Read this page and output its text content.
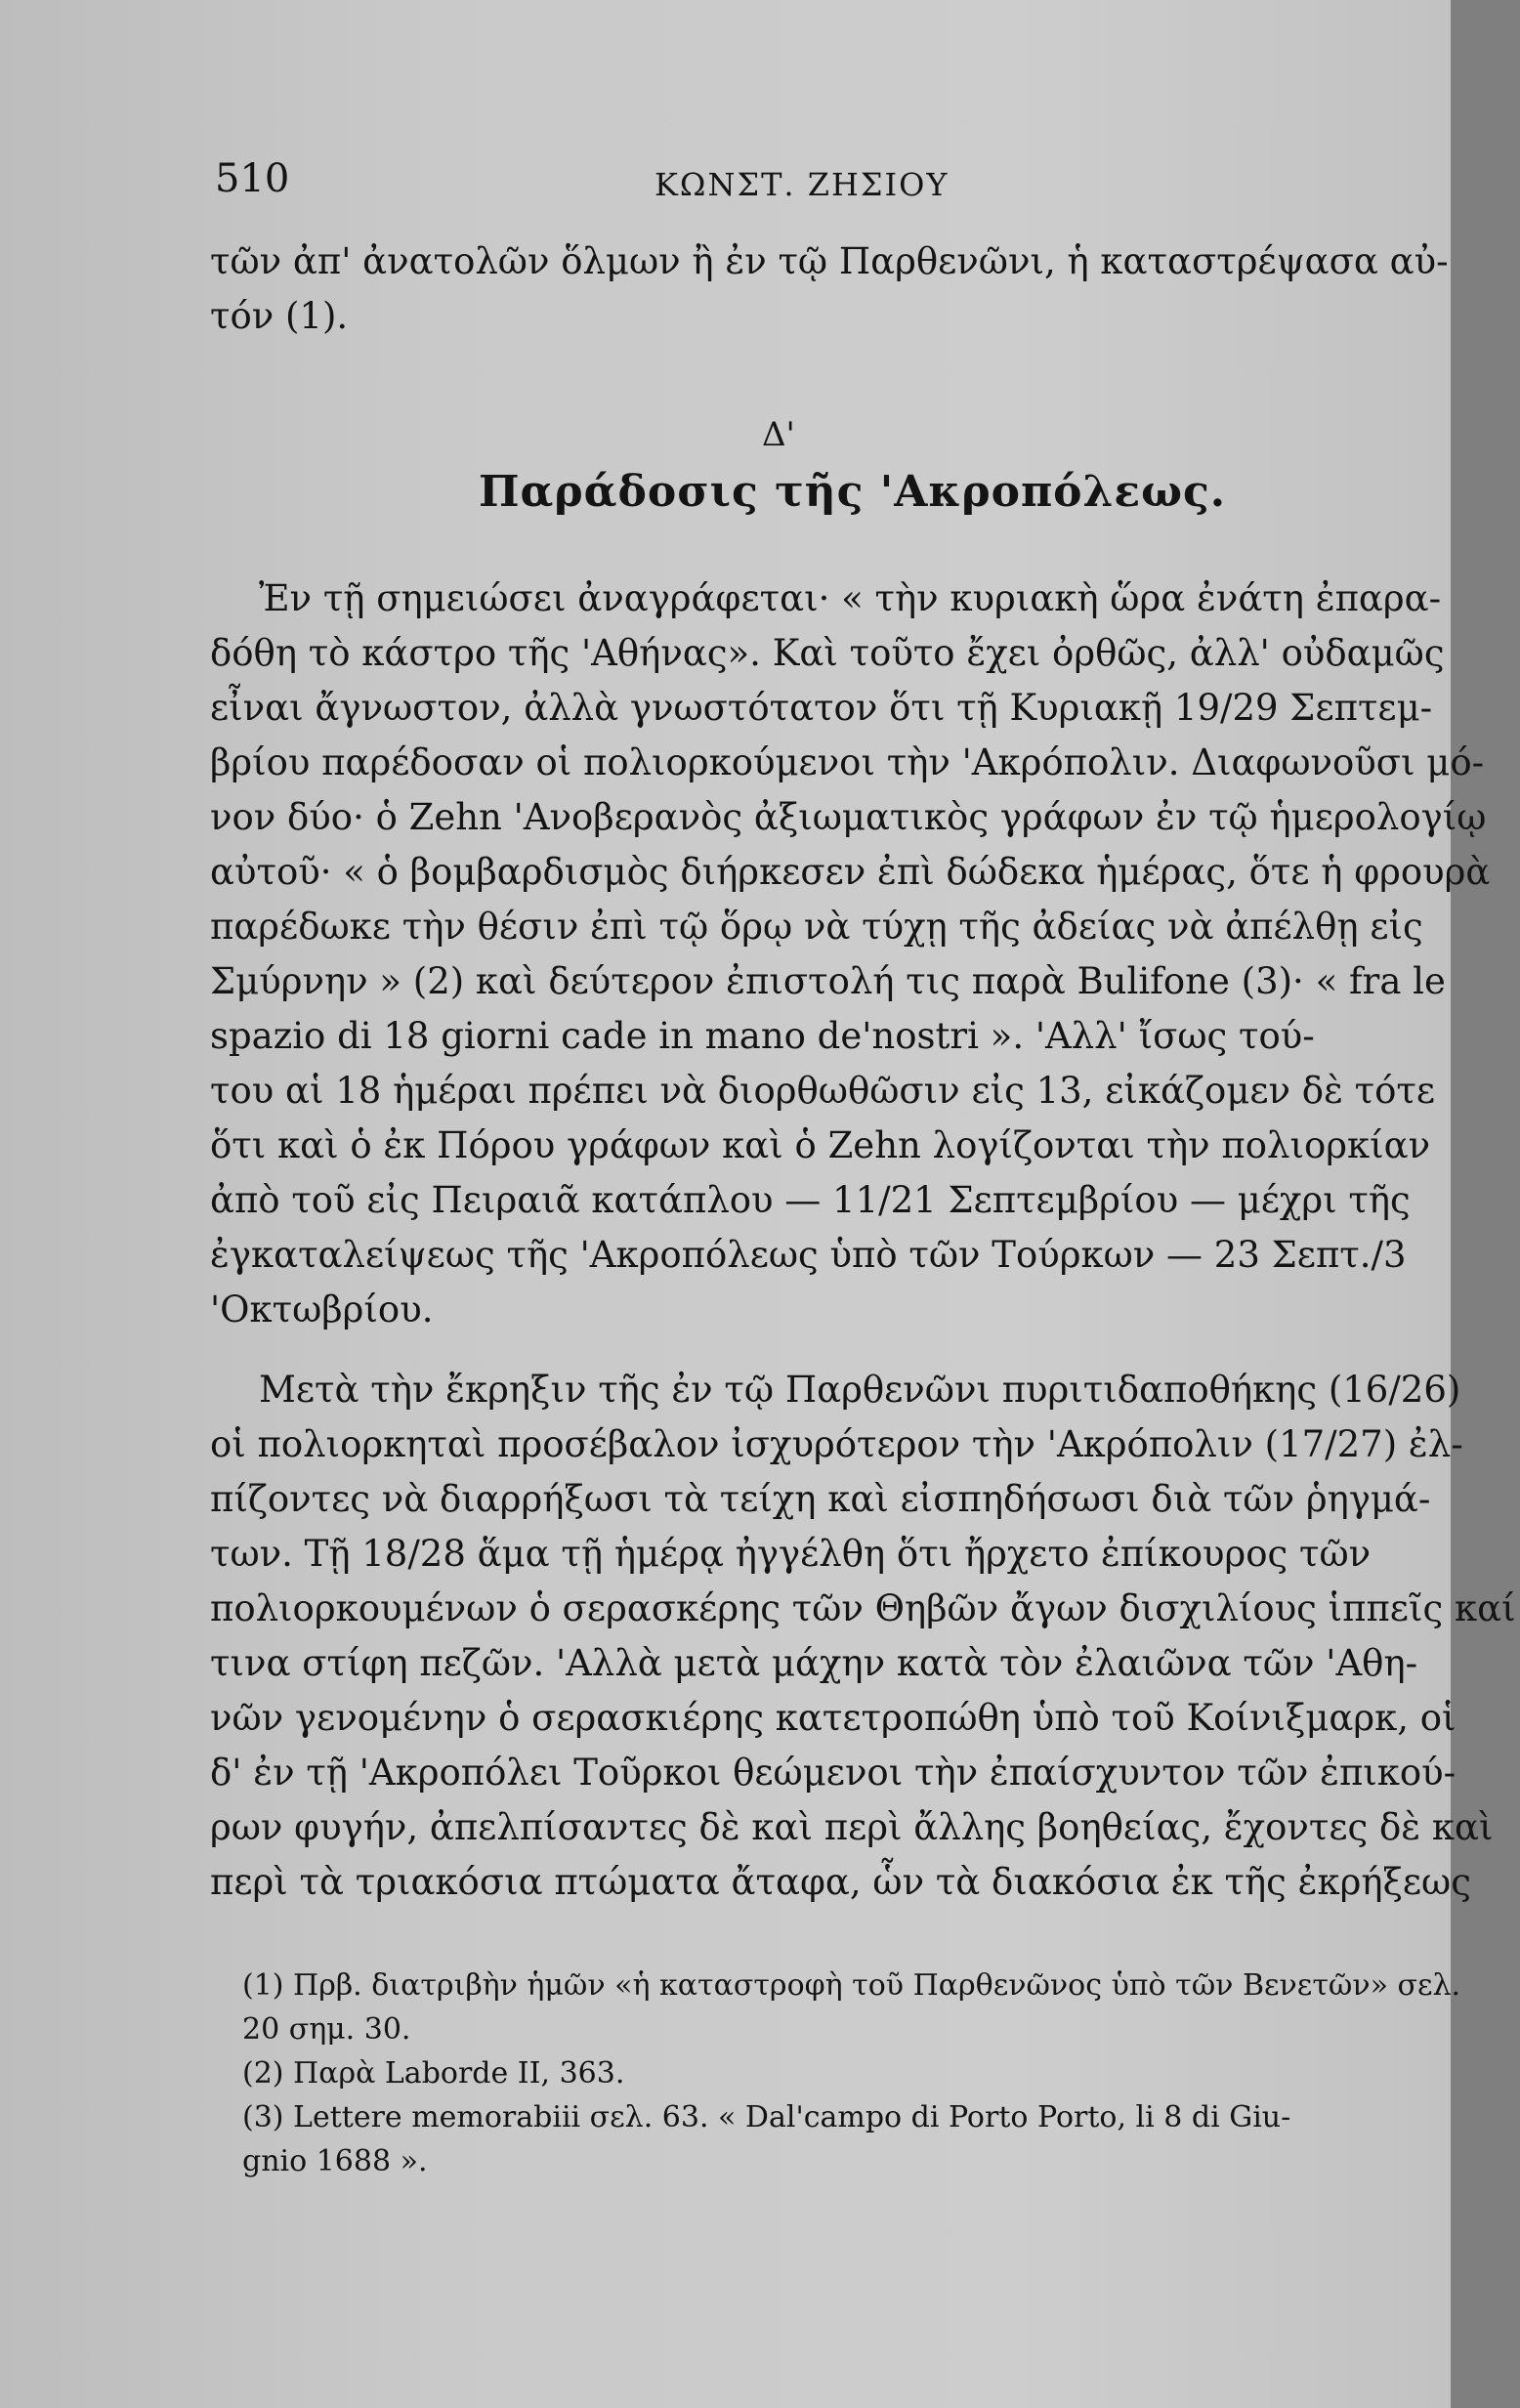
510	ΚΩΝΣΤ. ΖΗΣΙΟΥ
τῶν ἀπ' ἀνατολῶν ὅλμων ἢ ἐν τῷ Παρθενῶνι, ἡ καταστρέψασα αὐ-
τόν (1).
Δ'
Παράδοσις τῆς 'Ακροπόλεως.
Ἐν τῇ σημειώσει ἀναγράφεται· « τὴν κυριακὴ ὥρα ἐνάτη ἐπαρα-
δόθη τὸ κάστρο τῆς 'Αθήνας». Καὶ τοῦτο ἔχει ὀρθῶς, ἀλλ' οὐδαμῶς
εἶναι ἄγνωστον, ἀλλὰ γνωστότατον ὅτι τῇ Κυριακῇ 19/29 Σεπτεμ-
βρίου παρέδοσαν οἱ πολιορκούμενοι τὴν 'Ακρόπολιν. Διαφωνοῦσι μό-
νον δύο· ὁ Zehn 'Ανοβερανὸς ἀξιωματικὸς γράφων ἐν τῷ ἡμερολογίῳ
αὐτοῦ· « ὁ βομβαρδισμὸς διήρκεσεν ἐπὶ δώδεκα ἡμέρας, ὅτε ἡ φρουρὰ
παρέδωκε τὴν θέσιν ἐπὶ τῷ ὅρῳ νὰ τύχῃ τῆς ἀδείας νὰ ἀπέλθῃ εἰς
Σμύρνην » (2) καὶ δεύτερον ἐπιστολή τις παρὰ Bulifone (3)· « fra le
spazio di 18 giorni cade in mano de'nostri ». 'Αλλ' ἴσως τού-
του αἱ 18 ἡμέραι πρέπει νὰ διορθωθῶσιν εἰς 13, εἰκάζομεν δὲ τότε
ὅτι καὶ ὁ ἐκ Πόρου γράφων καὶ ὁ Zehn λογίζονται τὴν πολιορκίαν
ἀπὸ τοῦ εἰς Πειραιᾶ κατάπλου — 11/21 Σεπτεμβρίου — μέχρι τῆς
ἐγκαταλείψεως τῆς 'Ακροπόλεως ὑπὸ τῶν Τούρκων — 23 Σεπτ./3
'Οκτωβρίου.
Μετὰ τὴν ἔκρηξιν τῆς ἐν τῷ Παρθενῶνι πυριτιδαποθήκης (16/26)
οἱ πολιορκηταὶ προσέβαλον ἰσχυρότερον τὴν 'Ακρόπολιν (17/27) ἐλ-
πίζοντες νὰ διαρρήξωσι τὰ τείχη καὶ εἰσπηδήσωσι διὰ τῶν ῥηγμά-
των. Τῇ 18/28 ἅμα τῇ ἡμέρᾳ ἠγγέλθη ὅτι ἤρχετο ἐπίκουρος τῶν
πολιορκουμένων ὁ σερασκέρης τῶν Θηβῶν ἄγων δισχιλίους ἱππεῖς καί
τινα στίφη πεζῶν. 'Αλλὰ μετὰ μάχην κατὰ τὸν ἐλαιῶνα τῶν 'Αθη-
νῶν γενομένην ὁ σερασκιέρης κατετροπώθη ὑπὸ τοῦ Κοίνιξμαρκ, οἱ
δ' ἐν τῇ 'Ακροπόλει Τοῦρκοι θεώμενοι τὴν ἐπαίσχυντον τῶν ἐπικού-
ρων φυγήν, ἀπελπίσαντες δὲ καὶ περὶ ἄλλης βοηθείας, ἔχοντες δὲ καὶ
περὶ τὰ τριακόσια πτώματα ἄταφα, ὧν τὰ διακόσια ἐκ τῆς ἐκρήξεως
(1) Πρβ. διατριβὴν ἡμῶν «ἡ καταστροφὴ τοῦ Παρθενῶνος ὑπὸ τῶν Βενετῶν» σελ.
20 σημ. 30.
(2) Παρὰ Laborde II, 363.
(3) Lettere memorabiii σελ. 63. « Dal'campo di Porto Porto, li 8 di Giu-
gnio 1688 ».
